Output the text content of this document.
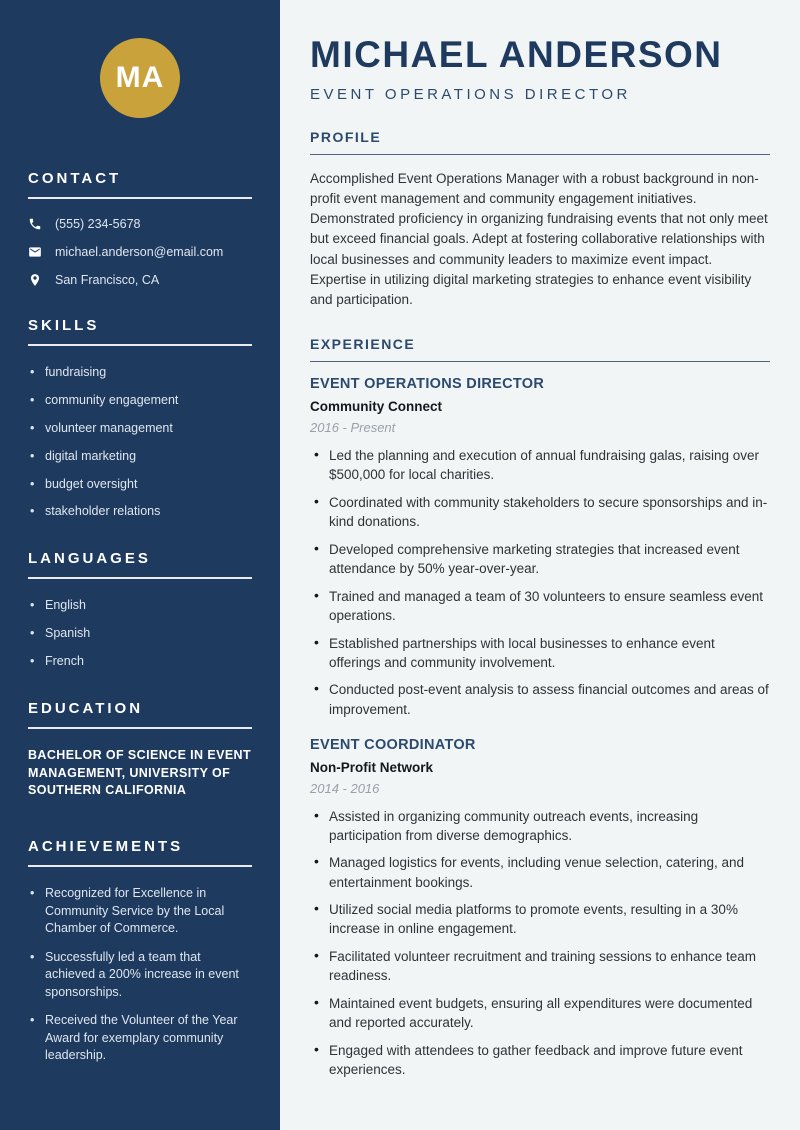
MA
CONTACT
(555) 234-5678
michael.anderson@email.com
San Francisco, CA
SKILLS
• fundraising
• community engagement
• volunteer management
• digital marketing
• budget oversight
• stakeholder relations
LANGUAGES
• English
• Spanish
• French
EDUCATION
BACHELOR OF SCIENCE IN EVENT MANAGEMENT, UNIVERSITY OF SOUTHERN CALIFORNIA
ACHIEVEMENTS
• Recognized for Excellence in Community Service by the Local Chamber of Commerce.
• Successfully led a team that achieved a 200% increase in event sponsorships.
• Received the Volunteer of the Year Award for exemplary community leadership.
MICHAEL ANDERSON
EVENT OPERATIONS DIRECTOR
PROFILE

Accomplished Event Operations Manager with a robust background in non-profit event management and community engagement initiatives. Demonstrated proficiency in organizing fundraising events that not only meet but exceed financial goals. Adept at fostering collaborative relationships with local businesses and community leaders to maximize event impact. Expertise in utilizing digital marketing strategies to enhance event visibility and participation.

EXPERIENCE
EVENT OPERATIONS DIRECTOR
Community Connect
2016 - Present
• Led the planning and execution of annual fundraising galas, raising over $500,000 for local charities.
• Coordinated with community stakeholders to secure sponsorships and in-kind donations.
• Developed comprehensive marketing strategies that increased event attendance by 50% year-over-year.
• Trained and managed a team of 30 volunteers to ensure seamless event operations.
• Established partnerships with local businesses to enhance event offerings and community involvement.
• Conducted post-event analysis to assess financial outcomes and areas of improvement.
EVENT COORDINATOR
Non-Profit Network
2014 - 2016
• Assisted in organizing community outreach events, increasing participation from diverse demographics.
• Managed logistics for events, including venue selection, catering, and entertainment bookings.
• Utilized social media platforms to promote events, resulting in a 30% increase in online engagement.
• Facilitated volunteer recruitment and training sessions to enhance team readiness.
• Maintained event budgets, ensuring all expenditures were documented and reported accurately.
• Engaged with attendees to gather feedback and improve future event experiences.
